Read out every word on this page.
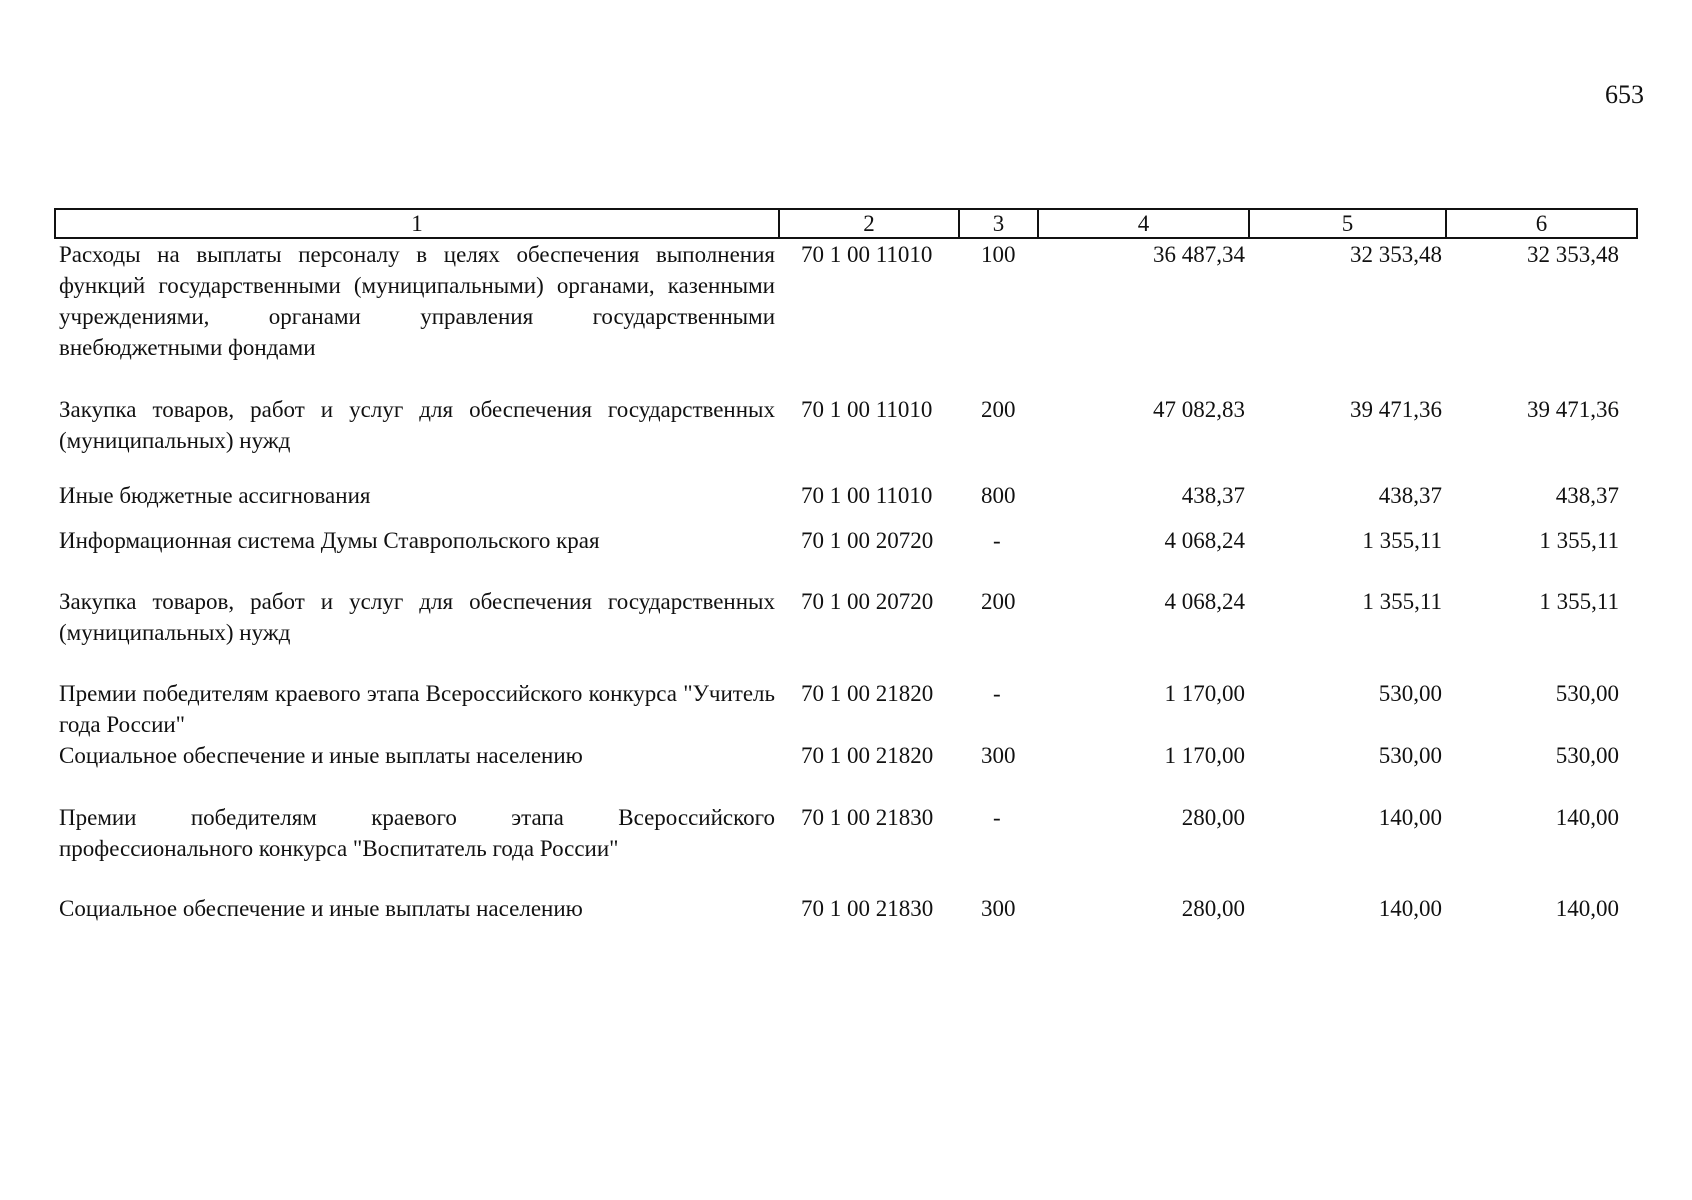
653
1	2	3	4	5	6

Расходы на выплаты персоналу в целях обеспечения выполнения функций государственными (муниципальными) органами, казенными учреждениями, органами управления государственными внебюджетными фондами	70 1 00 11010	100	36 487,34	32 353,48	32 353,48

Закупка товаров, работ и услуг для обеспечения государственных (муниципальных) нужд	70 1 00 11010	200	47 082,83	39 471,36	39 471,36

Иные бюджетные ассигнования	70 1 00 11010	800	438,37	438,37	438,37

Информационная система Думы Ставропольского края	70 1 00 20720	-	4 068,24	1 355,11	1 355,11

Закупка товаров, работ и услуг для обеспечения государственных (муниципальных) нужд	70 1 00 20720	200	4 068,24	1 355,11	1 355,11

Премии победителям краевого этапа Всероссийского конкурса "Учитель года России"	70 1 00 21820	-	1 170,00	530,00	530,00

Социальное обеспечение и иные выплаты населению	70 1 00 21820	300	1 170,00	530,00	530,00

Премии победителям краевого этапа Всероссийского профессионального конкурса "Воспитатель года России"	70 1 00 21830	-	280,00	140,00	140,00

Социальное обеспечение и иные выплаты населению	70 1 00 21830	300	280,00	140,00	140,00
